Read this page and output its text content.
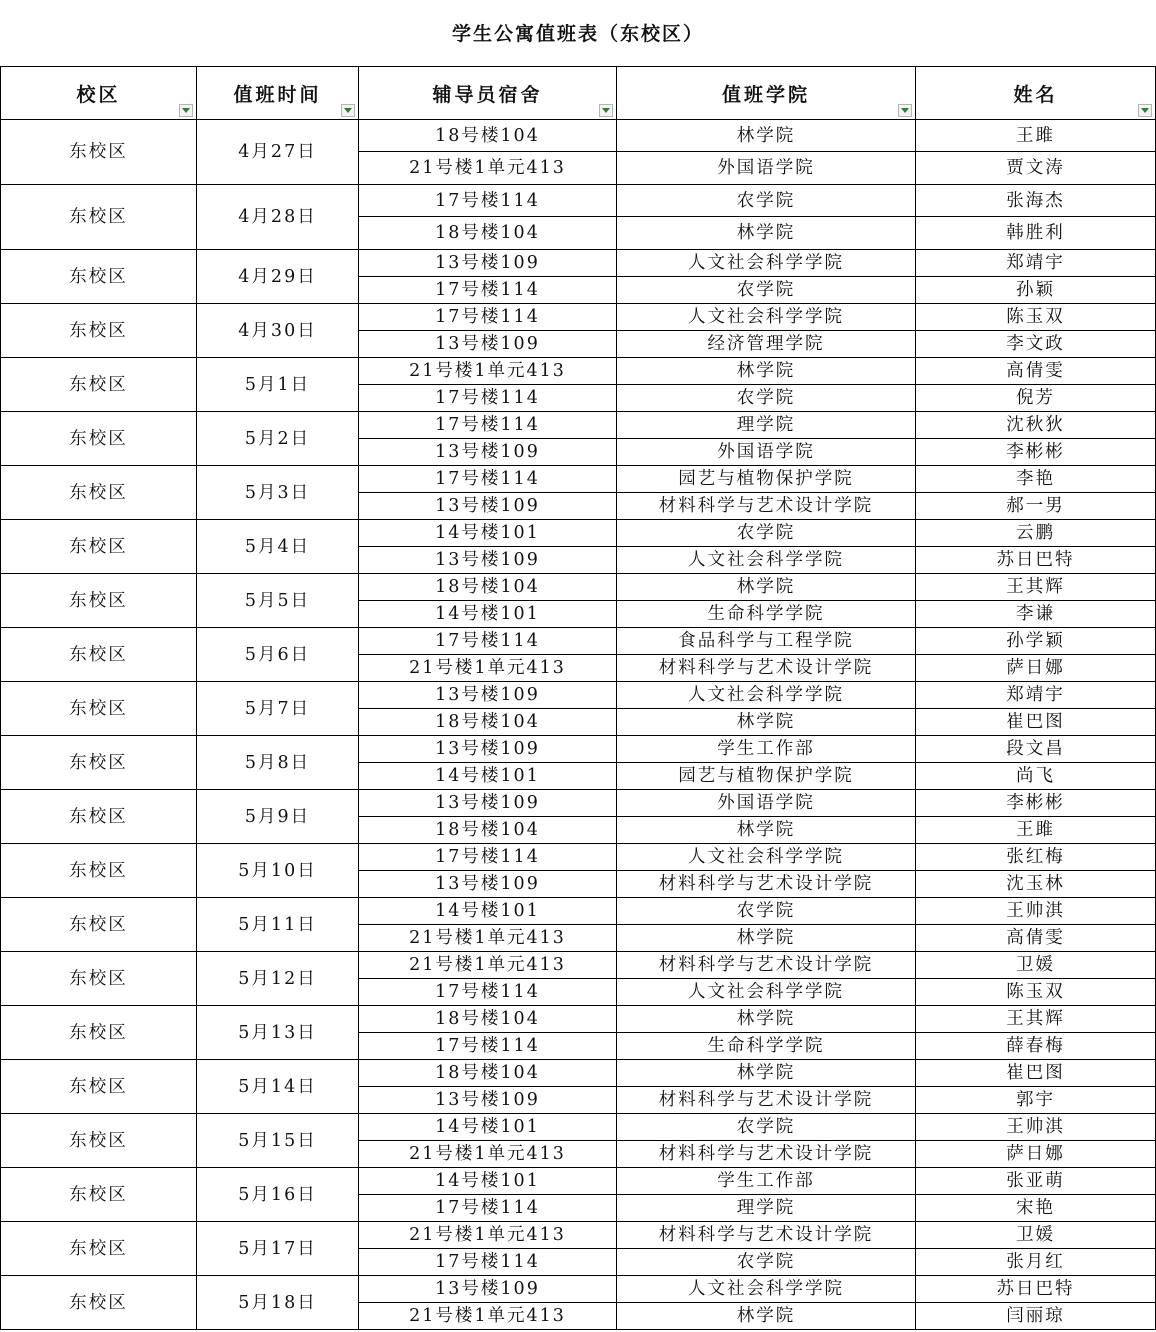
学生公寓值班表（东校区）
校区	值班时间	辅导员宿舍	值班学院	姓名

东校区	4月27日	18号楼104	林学院	王雎
		21号楼1单元413	外国语学院	贾文涛
东校区	4月28日	17号楼114	农学院	张海杰
		18号楼104	林学院	韩胜利
东校区	4月29日	13号楼109	人文社会科学学院	郑靖宇
		17号楼114	农学院	孙颖
东校区	4月30日	17号楼114	人文社会科学学院	陈玉双
		13号楼109	经济管理学院	李文政
东校区	5月1日	21号楼1单元413	林学院	高倩雯
		17号楼114	农学院	倪芳
东校区	5月2日	17号楼114	理学院	沈秋狄
		13号楼109	外国语学院	李彬彬
东校区	5月3日	17号楼114	园艺与植物保护学院	李艳
		13号楼109	材料科学与艺术设计学院	郝一男
东校区	5月4日	14号楼101	农学院	云鹏
		13号楼109	人文社会科学学院	苏日巴特
东校区	5月5日	18号楼104	林学院	王其辉
		14号楼101	生命科学学院	李谦
东校区	5月6日	17号楼114	食品科学与工程学院	孙学颖
		21号楼1单元413	材料科学与艺术设计学院	萨日娜
东校区	5月7日	13号楼109	人文社会科学学院	郑靖宇
		18号楼104	林学院	崔巴图
东校区	5月8日	13号楼109	学生工作部	段文昌
		14号楼101	园艺与植物保护学院	尚飞
东校区	5月9日	13号楼109	外国语学院	李彬彬
		18号楼104	林学院	王雎
东校区	5月10日	17号楼114	人文社会科学学院	张红梅
		13号楼109	材料科学与艺术设计学院	沈玉林
东校区	5月11日	14号楼101	农学院	王帅淇
		21号楼1单元413	林学院	高倩雯
东校区	5月12日	21号楼1单元413	材料科学与艺术设计学院	卫媛
		17号楼114	人文社会科学学院	陈玉双
东校区	5月13日	18号楼104	林学院	王其辉
		17号楼114	生命科学学院	薛春梅
东校区	5月14日	18号楼104	林学院	崔巴图
		13号楼109	材料科学与艺术设计学院	郭宇
东校区	5月15日	14号楼101	农学院	王帅淇
		21号楼1单元413	材料科学与艺术设计学院	萨日娜
东校区	5月16日	14号楼101	学生工作部	张亚萌
		17号楼114	理学院	宋艳
东校区	5月17日	21号楼1单元413	材料科学与艺术设计学院	卫媛
		17号楼114	农学院	张月红
东校区	5月18日	13号楼109	人文社会科学学院	苏日巴特
		21号楼1单元413	林学院	闫丽琼
